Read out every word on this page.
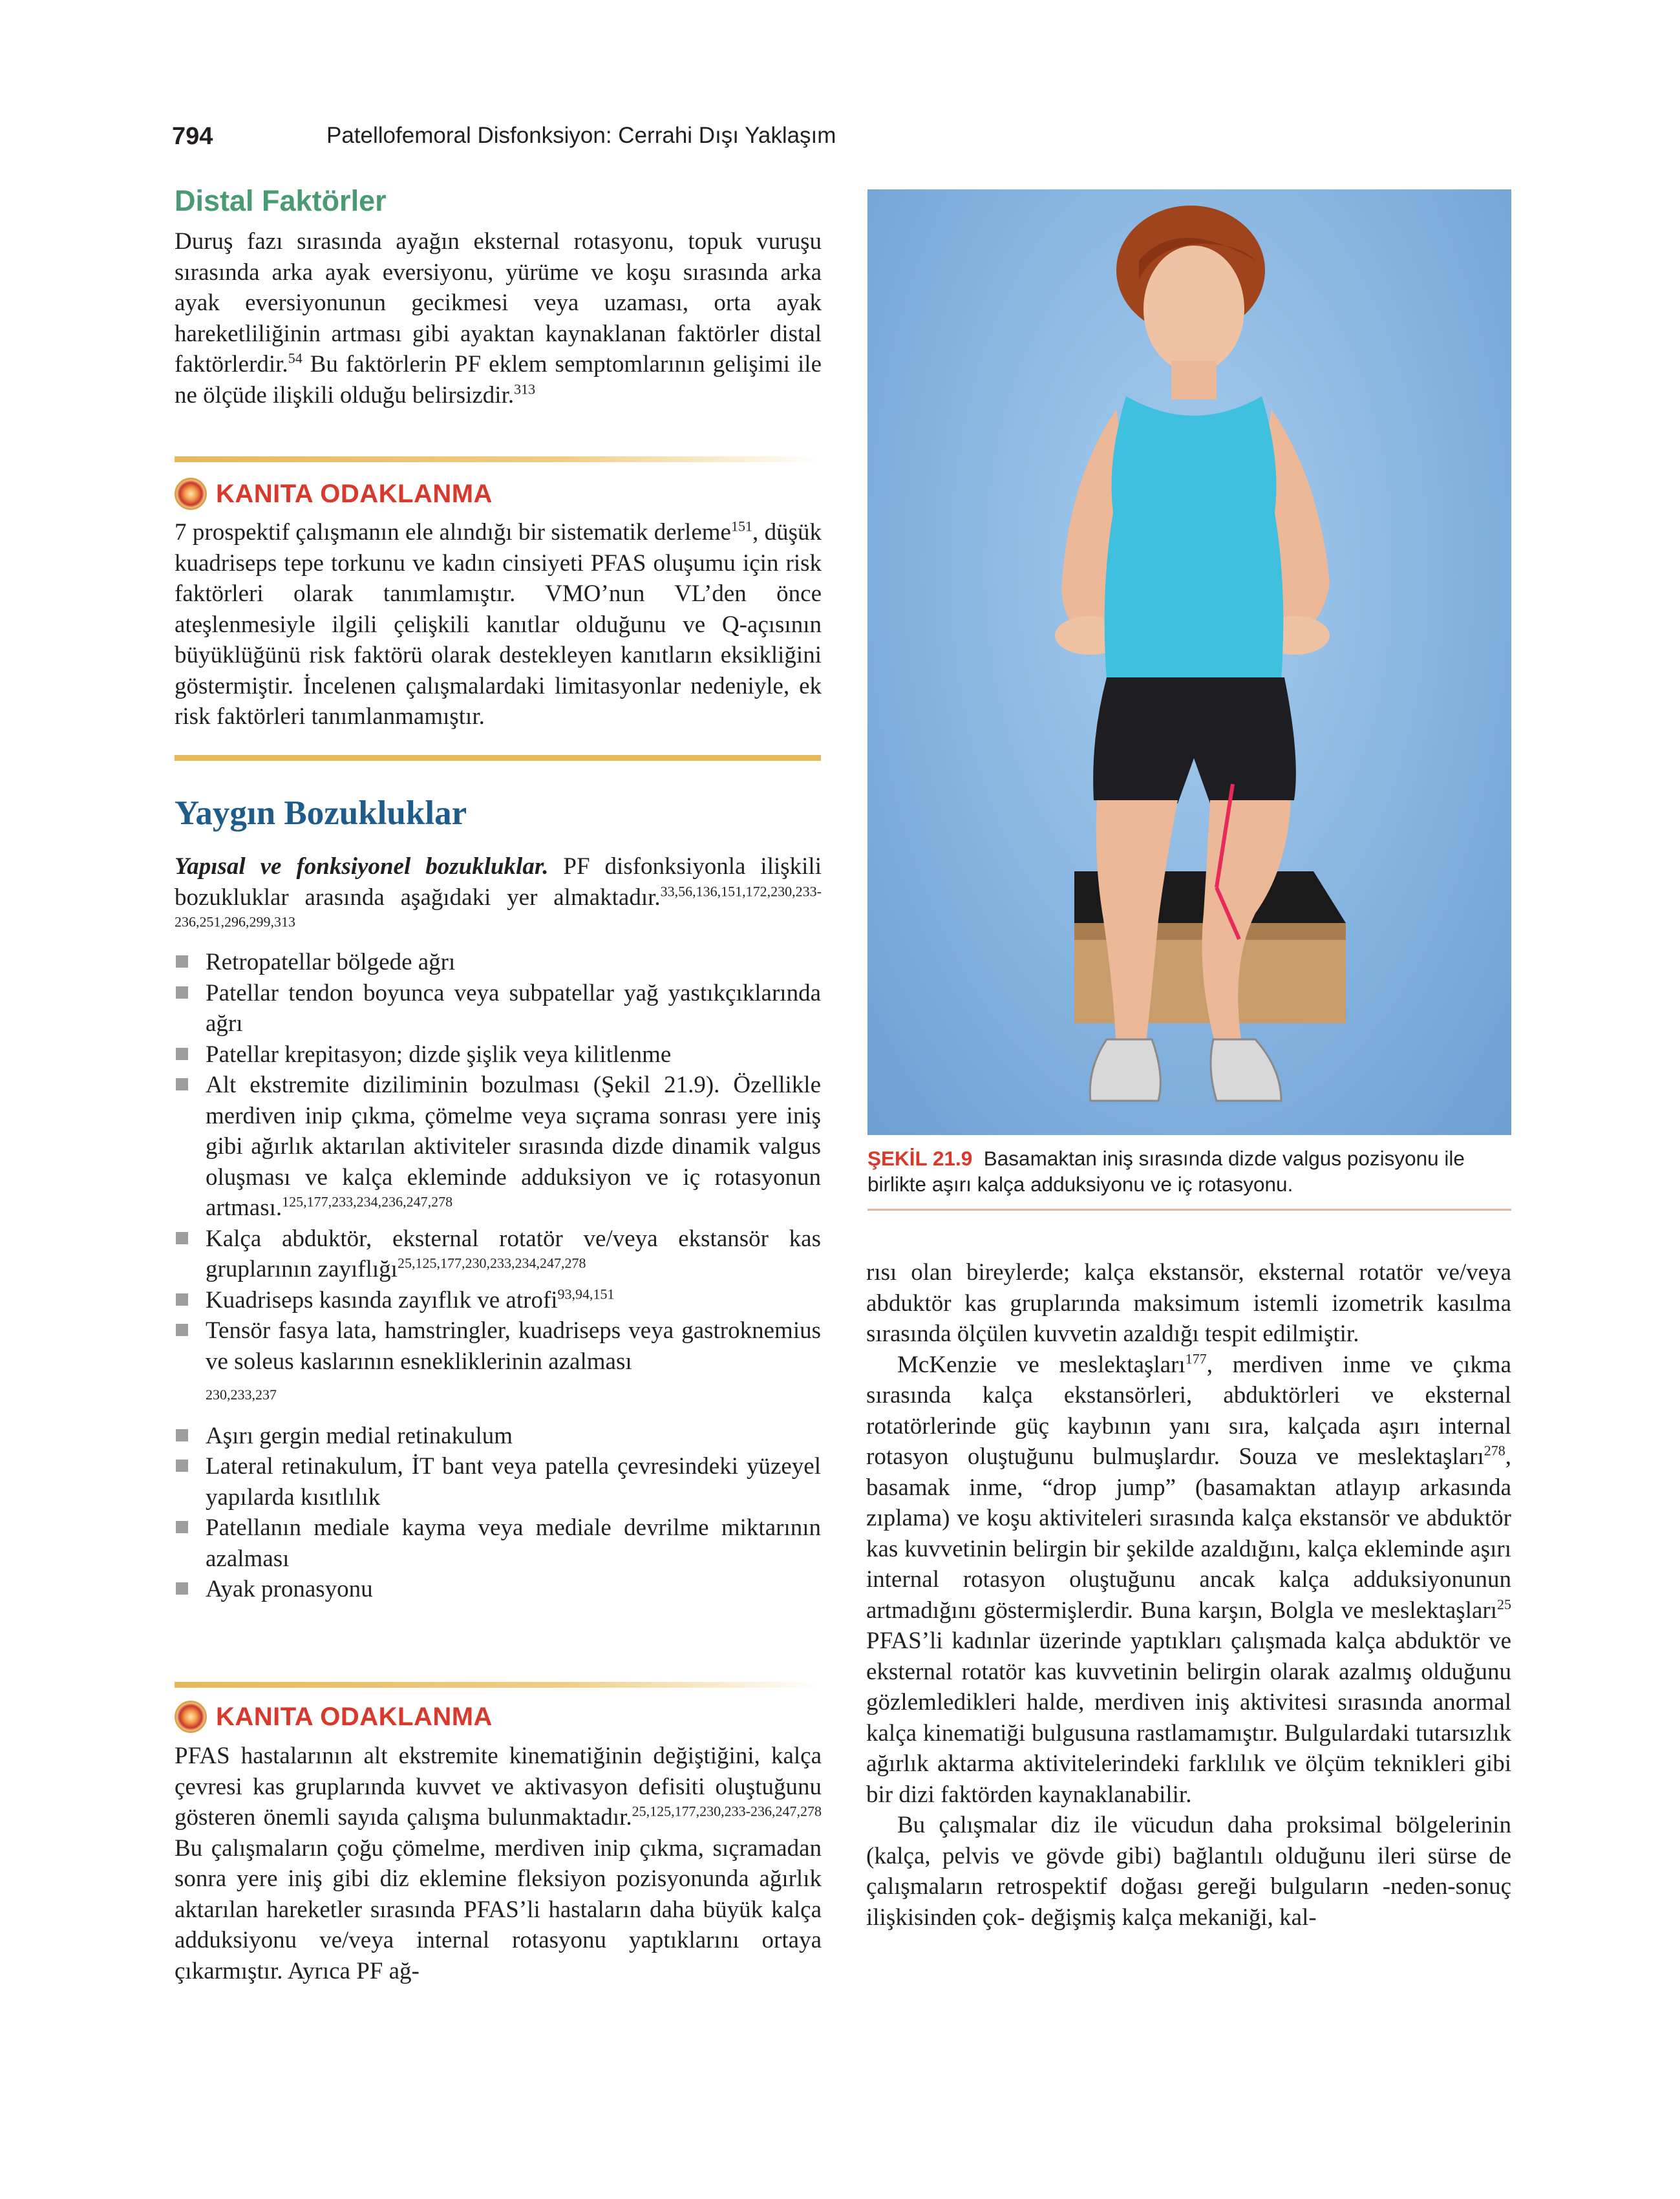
794	Patellofemoral Disfonksiyon: Cerrahi Dışı Yaklaşım
Distal Faktörler

Duruş fazı sırasında ayağın eksternal rotasyonu, topuk vuruşu sırasında arka ayak eversiyonu, yürüme ve koşu sırasında arka ayak eversiyonunun gecikmesi veya uzaması, orta ayak hareketliliğinin artması gibi ayaktan kaynaklanan faktörler distal faktörlerdir.$^{54}$ Bu faktörlerin PF eklem semptomlarının gelişimi ile ne ölçüde ilişkili olduğu belirsizdir.$^{313}$

KANITA ODAKLANMA

7 prospektif çalışmanın ele alındığı bir sistematik derleme$^{151}$, düşük kuadriseps tepe torkunu ve kadın cinsiyeti PFAS oluşumu için risk faktörleri olarak tanımlamıştır. VMO’nun VL’den önce ateşlenmesiyle ilgili çelişkili kanıtlar olduğunu ve Q-açısının büyüklüğünü risk faktörü olarak destekleyen kanıtların eksikliğini göstermiştir. İncelenen çalışmalardaki limitasyonlar nedeniyle, ek risk faktörleri tanımlanmamıştır.

Yaygın Bozukluklar

Yapısal ve fonksiyonel bozukluklar. PF disfonksiyonla ilişkili bozukluklar arasında aşağıdaki yer almaktadır.$^{33,56,136,151,172,230,233-236,251,296,299,313}$

Retropatellar bölgede ağrı
Patellar tendon boyunca veya subpatellar yağ yastıkçıklarında ağrı
Patellar krepitasyon; dizde şişlik veya kilitlenme
Alt ekstremite diziliminin bozulması (Şekil 21.9). Özellikle merdiven inip çıkma, çömelme veya sıçrama sonrası yere iniş gibi ağırlık aktarılan aktiviteler sırasında dizde dinamik valgus oluşması ve kalça ekleminde adduksiyon ve iç rotasyonun artması.$^{125,177,233,234,236,247,278}$
Kalça abduktör, eksternal rotatör ve/veya ekstansör kas gruplarının zayıflığı$^{25,125,177,230,233,234,247,278}$
Kuadriseps kasında zayıflık ve atrofi$^{93,94,151}$
Tensör fasya lata, hamstringler, kuadriseps veya gastroknemius ve soleus kaslarının esnekliklerinin azalması
230,233,237
Aşırı gergin medial retinakulum
Lateral retinakulum, İT bant veya patella çevresindeki yüzeyel yapılarda kısıtlılık
Patellanın mediale kayma veya mediale devrilme miktarının azalması
Ayak pronasyonu
KANITA ODAKLANMA

PFAS hastalarının alt ekstremite kinematiğinin değiştiğini, kalça çevresi kas gruplarında kuvvet ve aktivasyon defisiti oluştuğunu gösteren önemli sayıda çalışma bulunmaktadır.$^{25,125,177,230,233-236,247,278}$ Bu çalışmaların çoğu çömelme, merdiven inip çıkma, sıçramadan sonra yere iniş gibi diz eklemine fleksiyon pozisyonunda ağırlık aktarılan hareketler sırasında PFAS’li hastaların daha büyük kalça adduksiyonu ve/veya internal rotasyonu yaptıklarını ortaya çıkarmıştır. Ayrıca PF ağ-

ŞEKİL 21.9 Basamaktan iniş sırasında dizde valgus pozisyonu ile birlikte aşırı kalça adduksiyonu ve iç rotasyonu.

rısı olan bireylerde; kalça ekstansör, eksternal rotatör ve/veya abduktör kas gruplarında maksimum istemli izometrik kasılma sırasında ölçülen kuvvetin azaldığı tespit edilmiştir.

McKenzie ve meslektaşları$^{177}$, merdiven inme ve çıkma sırasında kalça ekstansörleri, abduktörleri ve eksternal rotatörlerinde güç kaybının yanı sıra, kalçada aşırı internal rotasyon oluştuğunu bulmuşlardır. Souza ve meslektaşları$^{278}$, basamak inme, “drop jump” (basamaktan atlayıp arkasında zıplama) ve koşu aktiviteleri sırasında kalça ekstansör ve abduktör kas kuvvetinin belirgin bir şekilde azaldığını, kalça ekleminde aşırı internal rotasyon oluştuğunu ancak kalça adduksiyonunun artmadığını göstermişlerdir. Buna karşın, Bolgla ve meslektaşları$^{25}$ PFAS’li kadınlar üzerinde yaptıkları çalışmada kalça abduktör ve eksternal rotatör kas kuvvetinin belirgin olarak azalmış olduğunu gözlemledikleri halde, merdiven iniş aktivitesi sırasında anormal kalça kinematiği bulgusuna rastlamamıştır. Bulgulardaki tutarsızlık ağırlık aktarma aktivitelerindeki farklılık ve ölçüm teknikleri gibi bir dizi faktörden kaynaklanabilir.

Bu çalışmalar diz ile vücudun daha proksimal bölgelerinin (kalça, pelvis ve gövde gibi) bağlantılı olduğunu ileri sürse de çalışmaların retrospektif doğası gereği bulguların -neden-sonuç ilişkisinden çok- değişmiş kalça mekaniği, kal-
